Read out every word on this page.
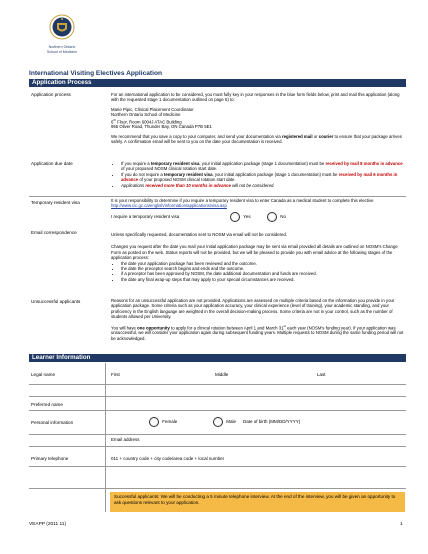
Northern Ontario
School of Medicine
International Visiting Electives Application
Application Process
Application process	For an international application to be considered, you must fully key in your responses in the blue form fields below, print and mail this application (along with the requested stage 1 documentation outlined on page 6) to:

Marie Pipic, Clinical Placement Coordinator

Northern Ontario School of Medicine

6th Floor, Room 6004J ATAC Building

955 Oliver Road, Thunder Bay, ON Canada P7B 5E1

We recommend that you save a copy to your computer, and send your documentation via registered mail or courier to ensure that your package arrives safely. A confirmation email will be sent to you on the date your documentation is received.

Application due date
•	If you require a temporary resident visa, your initial application package (stage 1 documentation) must be received by mail 8 months in advance of your proposed NOSM clinical rotation start date.
• If you do not require a temporary resident visa, your initial application package (stage 1 documentation) must be received by mail 6 months in advance of your proposed NOSM clinical rotation start date.
• Applications received more than 10 months in advance will not be considered.
Temporary resident visa	It is your responsibility to determine if you require a temporary resident visa to enter Canada as a medical student to complete this elective http://www.cic.gc.ca/english/information/applications/visa.asp

I require a temporary resident visa	Yes	No
Email correspondence	Unless specifically requested, documentation sent to NOSM via email will not be considered.

Changes you request after the date you mail your initial application package may be sent via email provided all details are outlined on NOSM's Change Form as posted on the web. Status reports will not be provided, but we will be pleased to provide you with email advice at the following stages of the application process:

• the date your application package has been reviewed and the outcome.
• the date the preceptor search begins and ends and the outcome.
• if a preceptor has been approved by NOSM, the date additional documentation and funds are received.
• the date any final wrap-up steps that may apply to your special circumstances are received.
Unsuccessful applicants	Reasons for an unsuccessful application are not provided. Applications are assessed on multiple criteria based on the information you provide in your application package. Some criteria such as your application accuracy, your clinical experience (level of training), your academic standing, and your proficiency in the English language are weighted in the overall decision-making process. Some criteria are not in your control, such as the number of students allowed per University.

You will have one opportunity to apply for a clinical rotation between April 1 and March 31st each year (NOSM's funding year). If your application was unsuccessful, we will consider your application again during subsequent funding years. Multiple requests to NOSM during the same funding period will not be acknowledged.

Learner Information
Legal name	First	Middle	Last
Preferred name
Personal information	Female	Male Date of birth (MM/DD/YYYY)
Email address
Primary telephone	011 + country code + city code/area code + local number
Successful applicants: We will be conducting a 5 minute telephone interview. At the end of the interview, you will be given an opportunity to ask questions relevant to your application.
VEAPP (2011 11)	1
